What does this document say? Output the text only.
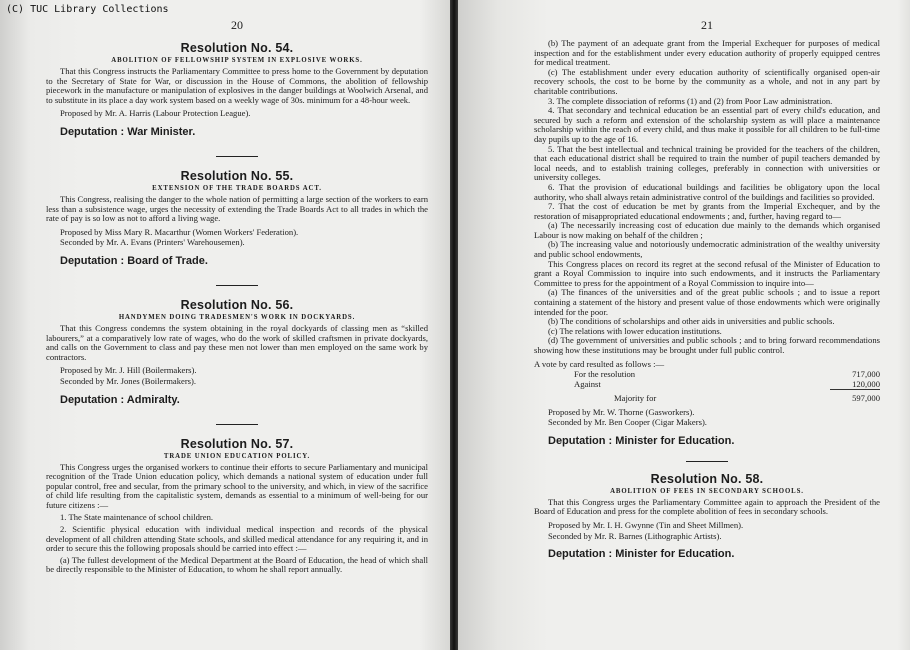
(C) TUC Library Collections
20
Resolution No. 54.
ABOLITION OF FELLOWSHIP SYSTEM IN EXPLOSIVE WORKS.

That this Congress instructs the Parliamentary Committee to press home to the Government by deputation to the Secretary of State for War, or discussion in the House of Commons, the abolition of fellowship piecework in the manufacture or manipulation of explosives in the danger buildings at Woolwich Arsenal, and to substitute in its place a day work system based on a weekly wage of 30s. minimum for a 48-hour week.

Proposed by Mr. A. Harris (Labour Protection League).

Deputation : War Minister.
Resolution No. 55.
EXTENSION OF THE TRADE BOARDS ACT.

This Congress, realising the danger to the whole nation of permitting a large section of the workers to earn less than a subsistence wage, urges the necessity of extending the Trade Boards Act to all trades in which the rate of pay is so low as not to afford a living wage.

Proposed by Miss Mary R. Macarthur (Women Workers' Federation).

Seconded by Mr. A. Evans (Printers' Warehousemen).

Deputation : Board of Trade.
Resolution No. 56.
HANDYMEN DOING TRADESMEN'S WORK IN DOCKYARDS.

That this Congress condemns the system obtaining in the royal dockyards of classing men as “skilled labourers,” at a comparatively low rate of wages, who do the work of skilled craftsmen in private dockyards, and calls on the Government to class and pay these men not lower than men employed on the same work by contractors.

Proposed by Mr. J. Hill (Boilermakers).

Seconded by Mr. Jones (Boilermakers).

Deputation : Admiralty.
Resolution No. 57.
TRADE UNION EDUCATION POLICY.

This Congress urges the organised workers to continue their efforts to secure Parliamentary and municipal recognition of the Trade Union education policy, which demands a national system of education under full popular control, free and secular, from the primary school to the university, and which, in view of the sacrifice of child life resulting from the capitalistic system, demands as essential to a minimum of well-being for our future citizens :—

1. The State maintenance of school children.

2. Scientific physical education with individual medical inspection and records of the physical development of all children attending State schools, and skilled medical attendance for any requiring it, and in order to secure this the following proposals should be carried into effect :—

(a) The fullest development of the Medical Department at the Board of Education, the head of which shall be directly responsible to the Minister of Education, to whom he shall report annually.

21

(b) The payment of an adequate grant from the Imperial Exchequer for purposes of medical inspection and for the establishment under every education authority of properly equipped centres for medical treatment.

(c) The establishment under every education authority of scientifically organised open-air recovery schools, the cost to be borne by the community as a whole, and not in any part by charitable contributions.

3. The complete dissociation of reforms (1) and (2) from Poor Law administration.

4. That secondary and technical education be an essential part of every child's education, and secured by such a reform and extension of the scholarship system as will place a maintenance scholarship within the reach of every child, and thus make it possible for all children to be full-time day pupils up to the age of 16.

5. That the best intellectual and technical training be provided for the teachers of the children, that each educational district shall be required to train the number of pupil teachers demanded by local needs, and to establish training colleges, preferably in connection with universities or university colleges.

6. That the provision of educational buildings and facilities be obligatory upon the local authority, who shall always retain administrative control of the buildings and facilities so provided.

7. That the cost of education be met by grants from the Imperial Exchequer, and by the restoration of misappropriated educational endowments ; and, further, having regard to—

(a) The necessarily increasing cost of education due mainly to the demands which organised Labour is now making on behalf of the children ;

(b) The increasing value and notoriously undemocratic administration of the wealthy university and public school endowments,

This Congress places on record its regret at the second refusal of the Minister of Education to grant a Royal Commission to inquire into such endowments, and it instructs the Parliamentary Committee to press for the appointment of a Royal Commission to inquire into—

(a) The finances of the universities and of the great public schools ; and to issue a report containing a statement of the history and present value of those endowments which were originally intended for the poor.

(b) The conditions of scholarships and other aids in universities and public schools.

(c) The relations with lower education institutions.

(d) The government of universities and public schools ; and to bring forward recommendations showing how these institutions may be brought under full public control.

A vote by card resulted as follows :—
For the resolution	717,000
Against	120,000
Majority for	597,000

Proposed by Mr. W. Thorne (Gasworkers).

Seconded by Mr. Ben Cooper (Cigar Makers).

Deputation : Minister for Education.
Resolution No. 58.
ABOLITION OF FEES IN SECONDARY SCHOOLS.

That this Congress urges the Parliamentary Committee again to approach the President of the Board of Education and press for the complete abolition of fees in secondary schools.

Proposed by Mr. I. H. Gwynne (Tin and Sheet Millmen).

Seconded by Mr. R. Barnes (Lithographic Artists).

Deputation : Minister for Education.
